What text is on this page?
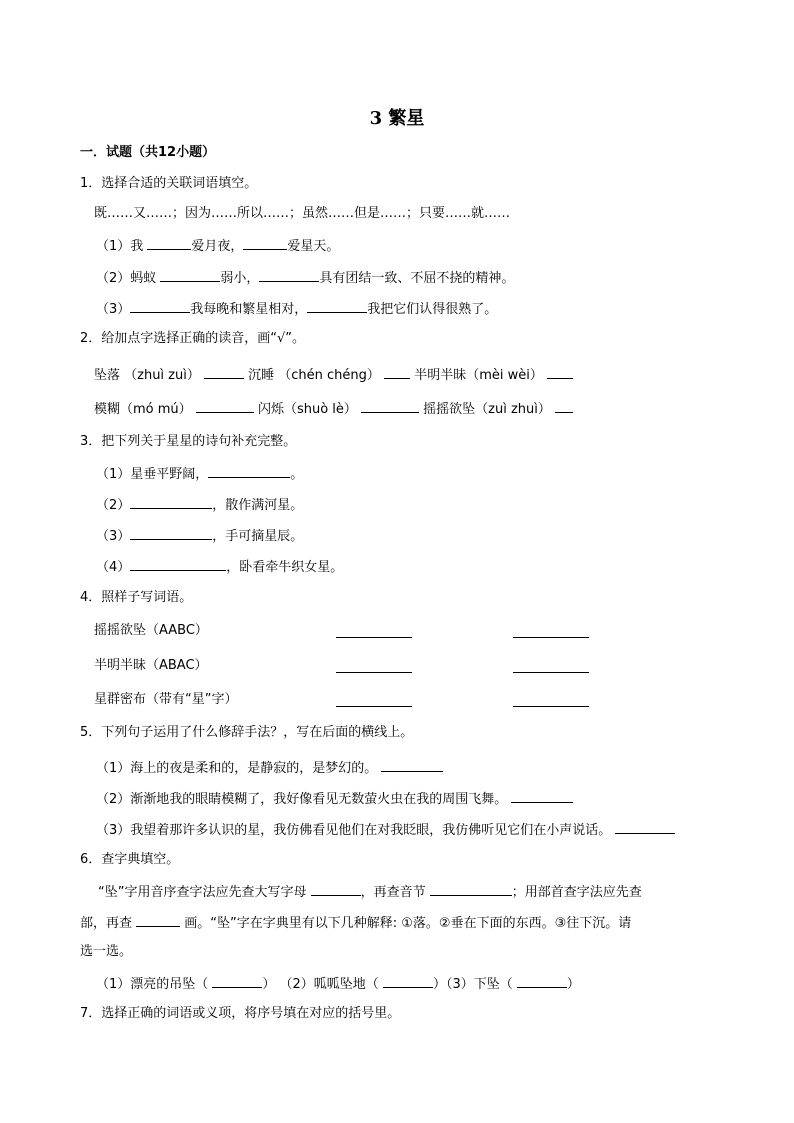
3 繁星
一．试题（共12小题）
1．选择合适的关联词语填空。
既……又……；因为……所以……；虽然……但是……；只要……就……
（1）我	爱月夜，	爱星天。
（2）蚂蚁	弱小，	具有团结一致、不屈不挠的精神。
（3）	我每晚和繁星相对，	我把它们认得很熟了。
2．给加点字选择正确的读音，画“√”。
坠落 （zhuì zuì）	沉睡 （chén chéng）	半明半昧（mèi wèi）
模糊（mó mú）	闪烁（shuò lè）	摇摇欲坠（zuì zhuì）
3．把下列关于星星的诗句补充完整。
（1）星垂平野阔，	。
（2）	，散作满河星。
（3）	，手可摘星辰。
（4）	，卧看牵牛织女星。
4．照样子写词语。
摇摇欲坠（AABC）
半明半昧（ABAC）
星群密布（带有“星”字）
5．下列句子运用了什么修辞手法？，写在后面的横线上。
（1）海上的夜是柔和的，是静寂的，是梦幻的。
（2）渐渐地我的眼睛模糊了，我好像看见无数萤火虫在我的周围飞舞。
（3）我望着那许多认识的星，我仿佛看见他们在对我眨眼，我仿佛听见它们在小声说话。
6．查字典填空。
“坠”字用音序查字法应先查大写字母	，再查音节	；用部首查字法应先查
部，再查	画。“坠”字在字典里有以下几种解释: ①落。②垂在下面的东西。③往下沉。请
选一选。
（1）漂亮的吊坠（	） （2）呱呱坠地（	）（3）下坠（	）
7．选择正确的词语或义项，将序号填在对应的括号里。
